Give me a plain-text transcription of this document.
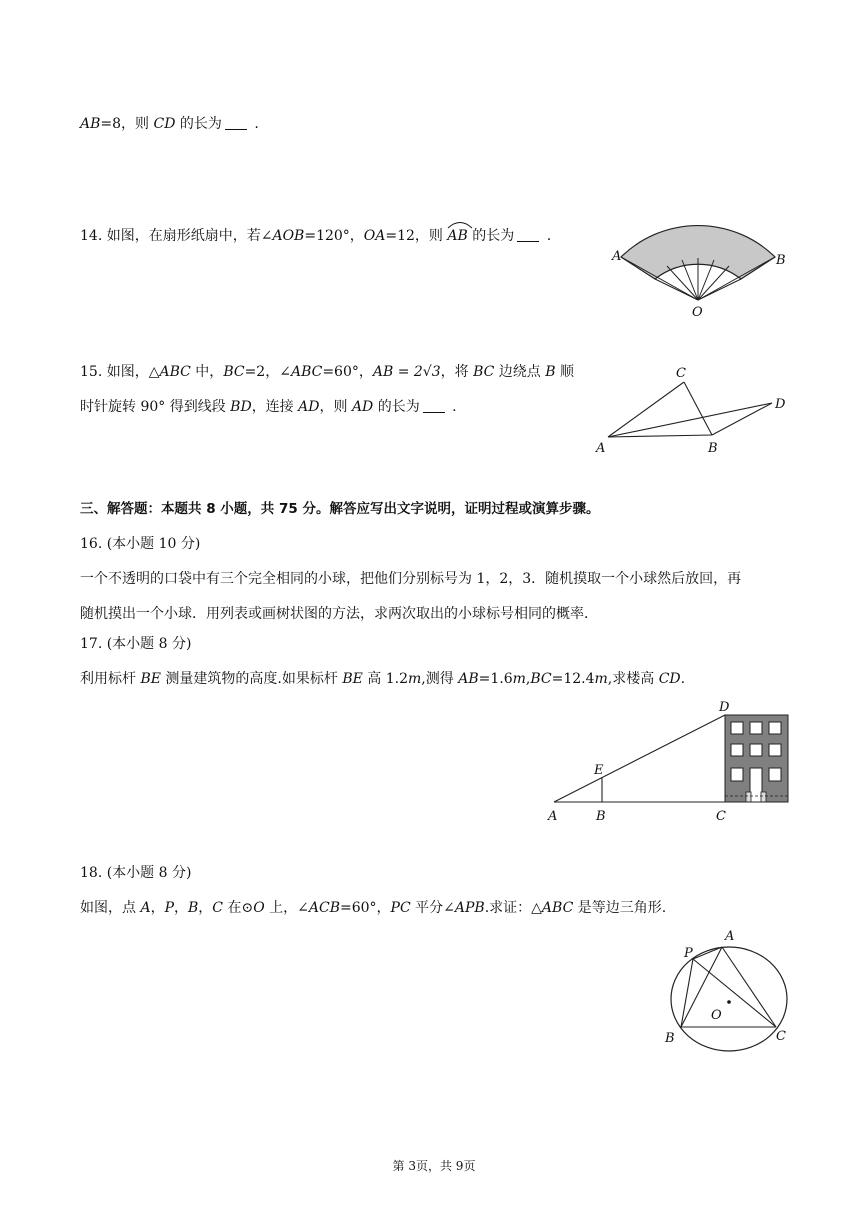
AB=8，则 CD 的长为 .
14. 如图，在扇形纸扇中，若∠AOB=120°，OA=12，则
AB 的长为 .
A	B
O
15. 如图，△ABC 中，BC=2，∠ABC=60°，AB = 2√3，将 BC 边绕点 B 顺
时针旋转 90° 得到线段 BD，连接 AD，则 AD 的长为 .
A	B
C
D
三、解答题：本题共 8 小题，共 75 分。解答应写出文字说明，证明过程或演算步骤。
16. (本小题 10 分)
一个不透明的口袋中有三个完全相同的小球，把他们分别标号为 1，2，3．随机摸取一个小球然后放回，再
随机摸出一个小球．用列表或画树状图的方法，求两次取出的小球标号相同的概率．
17. (本小题 8 分)
利用标杆 BE 测量建筑物的高度.如果标杆 BE 高 1.2m,测得 AB=1.6m,BC=12.4m,求楼高 CD.
A	B	C
D
E
18. (本小题 8 分)
如图，点 A，P，B，C 在⊙O 上，∠ACB=60°，PC 平分∠APB.求证：△ABC 是等边三角形.
A
P
B	C
O
第 3页，共 9页
